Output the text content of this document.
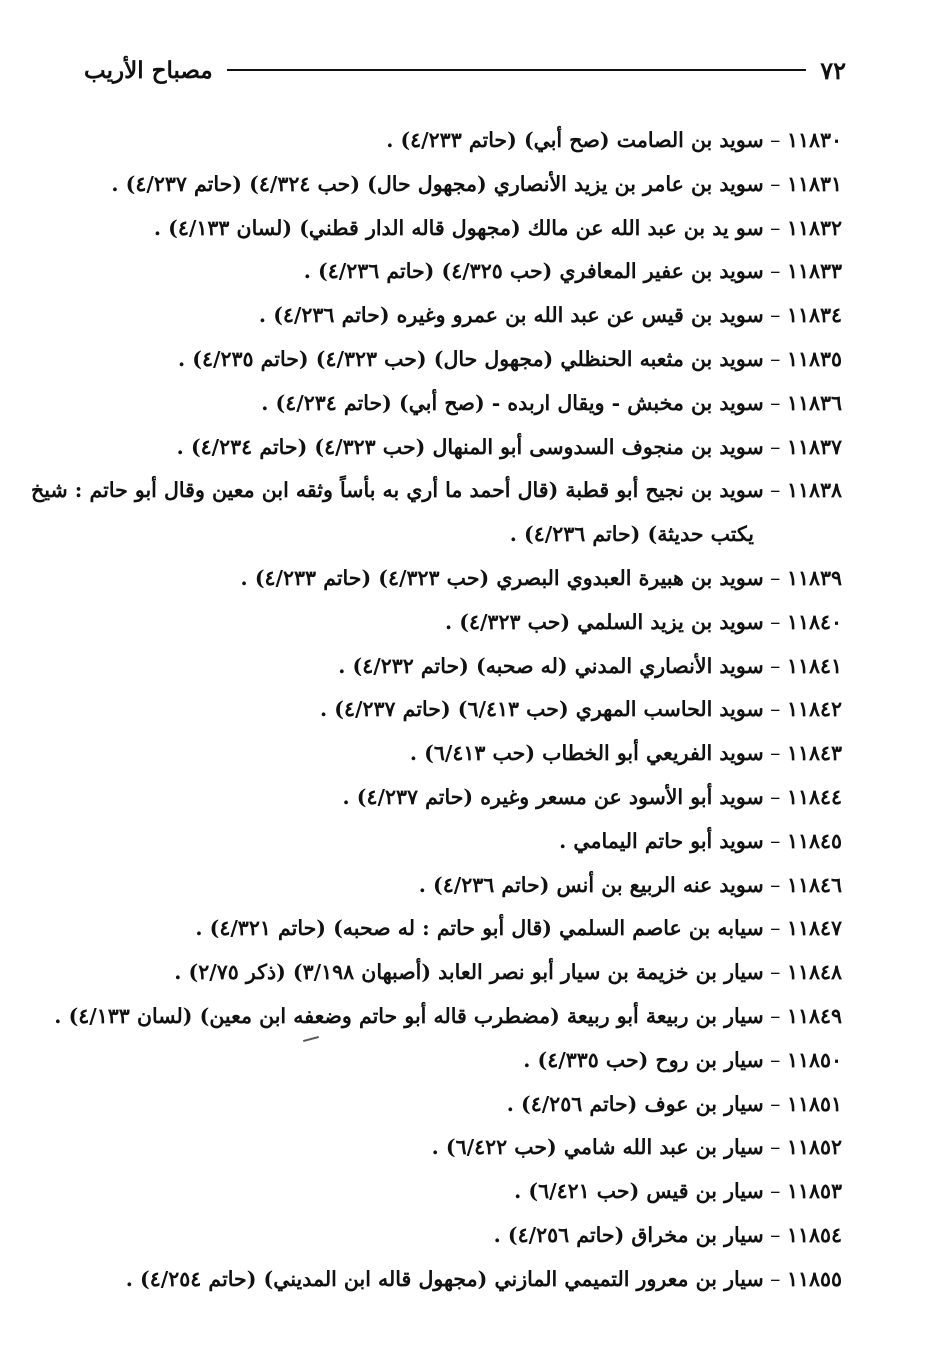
٧٢
مصباح الأريب
١١٨٣٠ – سويد بن الصامت (صح أبي) (حاتم ٤/٢٣٣) .
١١٨٣١ – سويد بن عامر بن يزيد الأنصاري (مجهول حال) (حب ٤/٣٢٤) (حاتم ٤/٢٣٧) .
١١٨٣٢ – سو يد بن عبد الله عن مالك (مجهول قاله الدار قطني) (لسان ٤/١٣٣) .
١١٨٣٣ – سويد بن عفير المعافري (حب ٤/٣٢٥) (حاتم ٤/٢٣٦) .
١١٨٣٤ – سويد بن قيس عن عبد الله بن عمرو وغيره (حاتم ٤/٢٣٦) .
١١٨٣٥ – سويد بن مثعبه الحنظلي (مجهول حال) (حب ٤/٣٢٣) (حاتم ٤/٢٣٥) .
١١٨٣٦ – سويد بن مخبش - ويقال اربده - (صح أبي) (حاتم ٤/٢٣٤) .
١١٨٣٧ – سويد بن منجوف السدوسى أبو المنهال (حب ٤/٣٢٣) (حاتم ٤/٢٣٤) .
١١٨٣٨ – سويد بن نجيح أبو قطبة (قال أحمد ما أري به بأساً وثقه ابن معين وقال أبو حاتم : شيخ
يكتب حديثة) (حاتم ٤/٢٣٦) .
١١٨٣٩ – سويد بن هبيرة العبدوي البصري (حب ٤/٣٢٣) (حاتم ٤/٢٣٣) .
١١٨٤٠ – سويد بن يزيد السلمي (حب ٤/٣٢٣) .
١١٨٤١ – سويد الأنصاري المدني (له صحبه) (حاتم ٤/٢٣٢) .
١١٨٤٢ – سويد الحاسب المهري (حب ٦/٤١٣) (حاتم ٤/٢٣٧) .
١١٨٤٣ – سويد الفريعي أبو الخطاب (حب ٦/٤١٣) .
١١٨٤٤ – سويد أبو الأسود عن مسعر وغيره (حاتم ٤/٢٣٧) .
١١٨٤٥ – سويد أبو حاتم اليمامي .
١١٨٤٦ – سويد عنه الربيع بن أنس (حاتم ٤/٢٣٦) .
١١٨٤٧ – سيابه بن عاصم السلمي (قال أبو حاتم : له صحبه) (حاتم ٤/٣٢١) .
١١٨٤٨ – سيار بن خزيمة بن سيار أبو نصر العابد (أصبهان ٣/١٩٨) (ذكر ٢/٧٥) .
١١٨٤٩ – سيار بن ربيعة أبو ربيعة (مضطرب قاله أبو حاتم وضعفه ابن معين) (لسان ٤/١٣٣) .
١١٨٥٠ – سيار بن روح (حب ٤/٣٣٥) .
١١٨٥١ – سيار بن عوف (حاتم ٤/٢٥٦) .
١١٨٥٢ – سيار بن عبد الله شامي (حب ٦/٤٢٢) .
١١٨٥٣ – سيار بن قيس (حب ٦/٤٢١) .
١١٨٥٤ – سيار بن مخراق (حاتم ٤/٢٥٦) .
١١٨٥٥ – سيار بن معرور التميمي المازني (مجهول قاله ابن المديني) (حاتم ٤/٢٥٤) .
